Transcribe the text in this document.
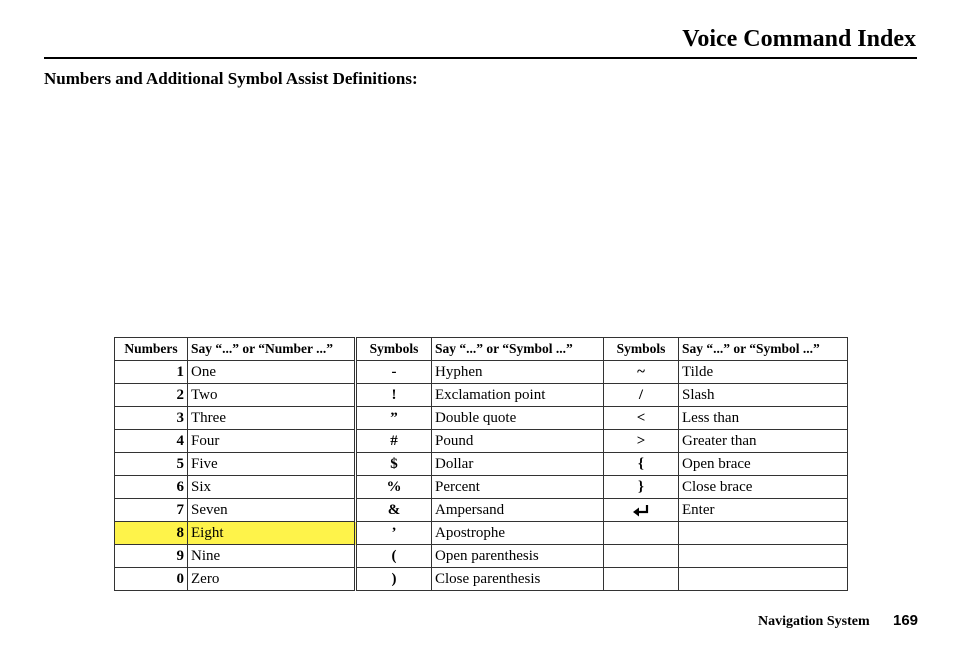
Voice Command Index
Numbers and Additional Symbol Assist Definitions:
Numbers	Say “...” or “Number ...”	Symbols	Say “...” or “Symbol ...”	Symbols	Say “...” or “Symbol ...”
1	One	-	Hyphen	~	Tilde
2	Two	!	Exclamation point	/	Slash
3	Three	”	Double quote	<	Less than
4	Four	#	Pound	>	Greater than
5	Five	$	Dollar	{	Open brace
6	Six	%	Percent	}	Close brace
7	Seven	&	Ampersand		Enter
8	Eight	’	Apostrophe		
9	Nine	(	Open parenthesis		
0	Zero	)	Close parenthesis		
Navigation System 169
